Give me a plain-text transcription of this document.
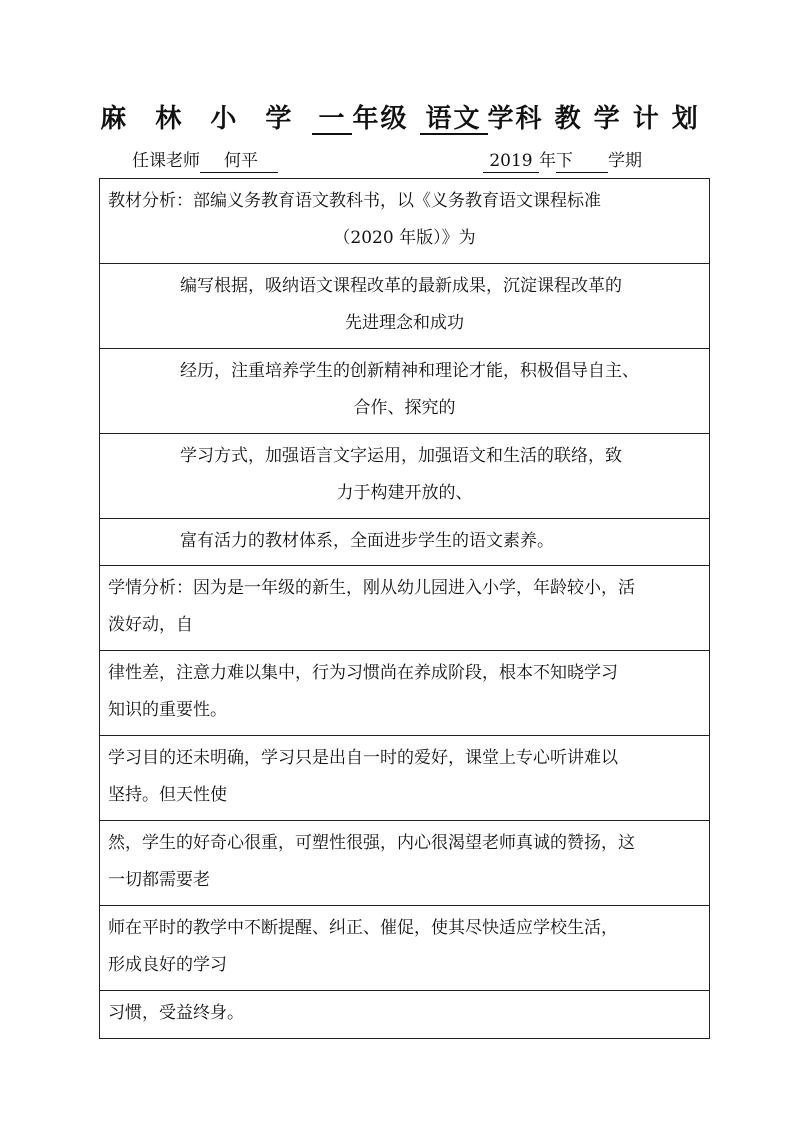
麻 林 小 学 一 年级 语文 学科 教 学 计 划
任课老师 何平	2019 年下 学期
教材分析：部编义务教育语文教科书，以《义务教育语文课程标准
（2020 年版）》为
编写根据，吸纳语文课程改革的最新成果，沉淀课程改革的
先进理念和成功
经历，注重培养学生的创新精神和理论才能，积极倡导自主、
合作、探究的
学习方式，加强语言文字运用，加强语文和生活的联络，致
力于构建开放的、
富有活力的教材体系，全面进步学生的语文素养。
学情分析：因为是一年级的新生，刚从幼儿园进入小学，年龄较小，活
泼好动，自
律性差，注意力难以集中，行为习惯尚在养成阶段，根本不知晓学习
知识的重要性。
学习目的还未明确，学习只是出自一时的爱好，课堂上专心听讲难以
坚持。但天性使
然，学生的好奇心很重，可塑性很强，内心很渴望老师真诚的赞扬，这
一切都需要老
师在平时的教学中不断提醒、纠正、催促，使其尽快适应学校生活，
形成良好的学习
习惯，受益终身。
